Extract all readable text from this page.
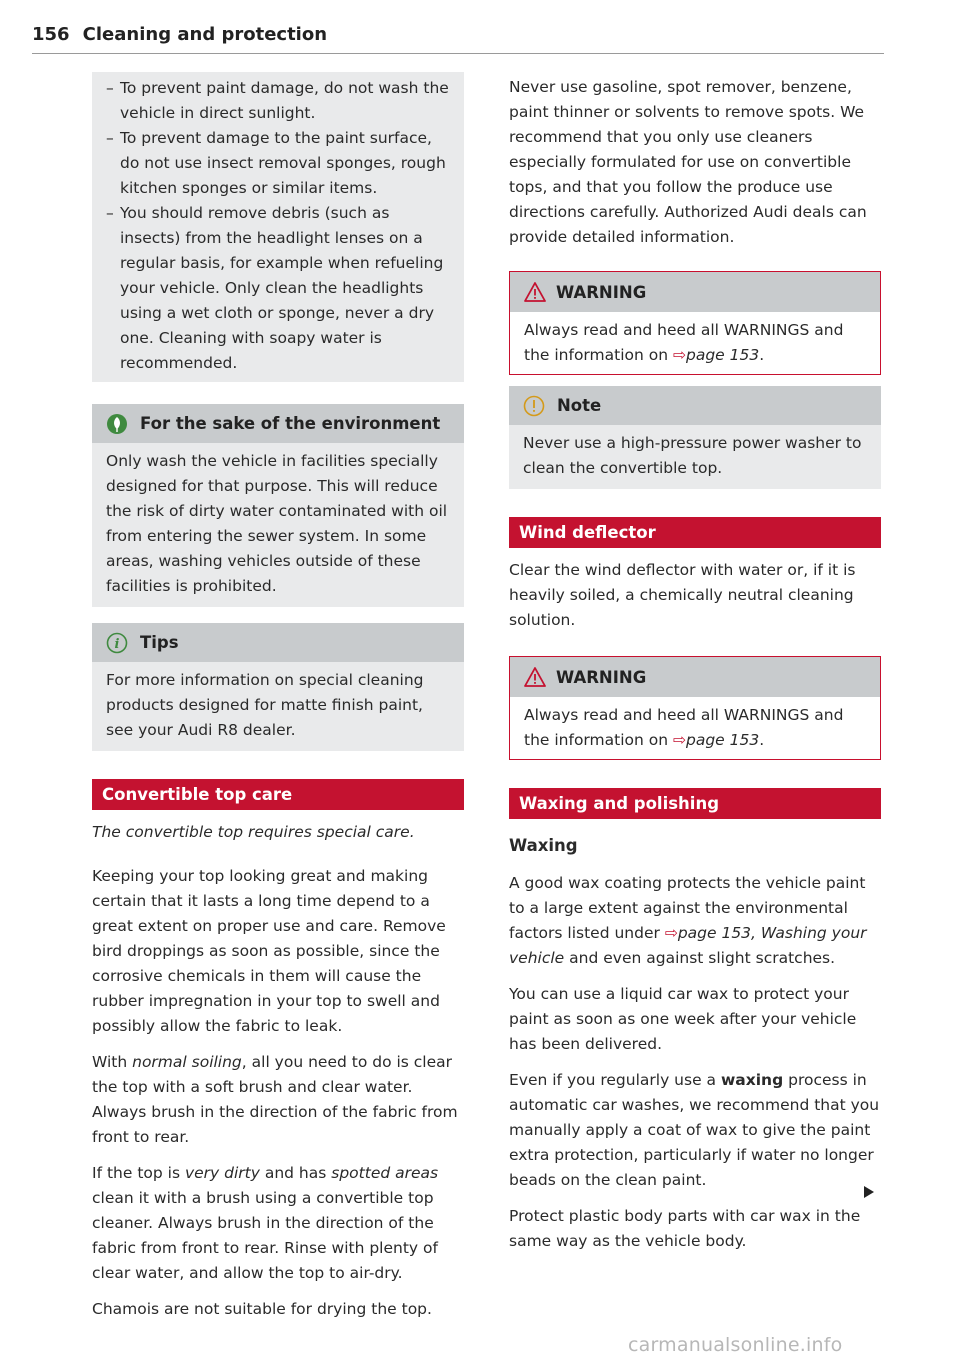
156 Cleaning and protection
– To prevent paint damage, do not wash the vehicle in direct sunlight.
– To prevent damage to the paint surface, do not use insect removal sponges, rough kitchen sponges or similar items.
– You should remove debris (such as insects) from the headlight lenses on a regular basis, for example when refueling your vehicle. Only clean the headlights using a wet cloth or sponge, never a dry one. Cleaning with soapy water is recommended.
For the sake of the environment

Only wash the vehicle in facilities specially designed for that purpose. This will reduce the risk of dirty water contaminated with oil from entering the sewer system. In some areas, washing vehicles outside of these facilities is prohibited.

i Tips

For more information on special cleaning products designed for matte finish paint, see your Audi R8 dealer.

Convertible top care

The convertible top requires special care.

Keeping your top looking great and making certain that it lasts a long time depend to a great extent on proper use and care. Remove bird droppings as soon as possible, since the corrosive chemicals in them will cause the rubber impregnation in your top to swell and possibly allow the fabric to leak.

With normal soiling, all you need to do is clear the top with a soft brush and clear water. Always brush in the direction of the fabric from front to rear.

If the top is very dirty and has spotted areas clean it with a brush using a convertible top cleaner. Always brush in the direction of the fabric from front to rear. Rinse with plenty of clear water, and allow the top to air-dry.

Chamois are not suitable for drying the top.

Never use gasoline, spot remover, benzene, paint thinner or solvents to remove spots. We recommend that you only use cleaners especially formulated for use on convertible tops, and that you follow the produce use directions carefully. Authorized Audi deals can provide detailed information.

WARNING

Always read and heed all WARNINGS and the information on ⇨page 153.

Note

Never use a high-pressure power washer to clean the convertible top.

Wind deflector

Clear the wind deflector with water or, if it is heavily soiled, a chemically neutral cleaning solution.

WARNING

Always read and heed all WARNINGS and the information on ⇨page 153.

Waxing and polishing

Waxing

A good wax coating protects the vehicle paint to a large extent against the environmental factors listed under ⇨page 153, Washing your vehicle and even against slight scratches.

You can use a liquid car wax to protect your paint as soon as one week after your vehicle has been delivered.

Even if you regularly use a waxing process in automatic car washes, we recommend that you manually apply a coat of wax to give the paint extra protection, particularly if water no longer beads on the clean paint.

Protect plastic body parts with car wax in the same way as the vehicle body.

carmanualsonline.info
